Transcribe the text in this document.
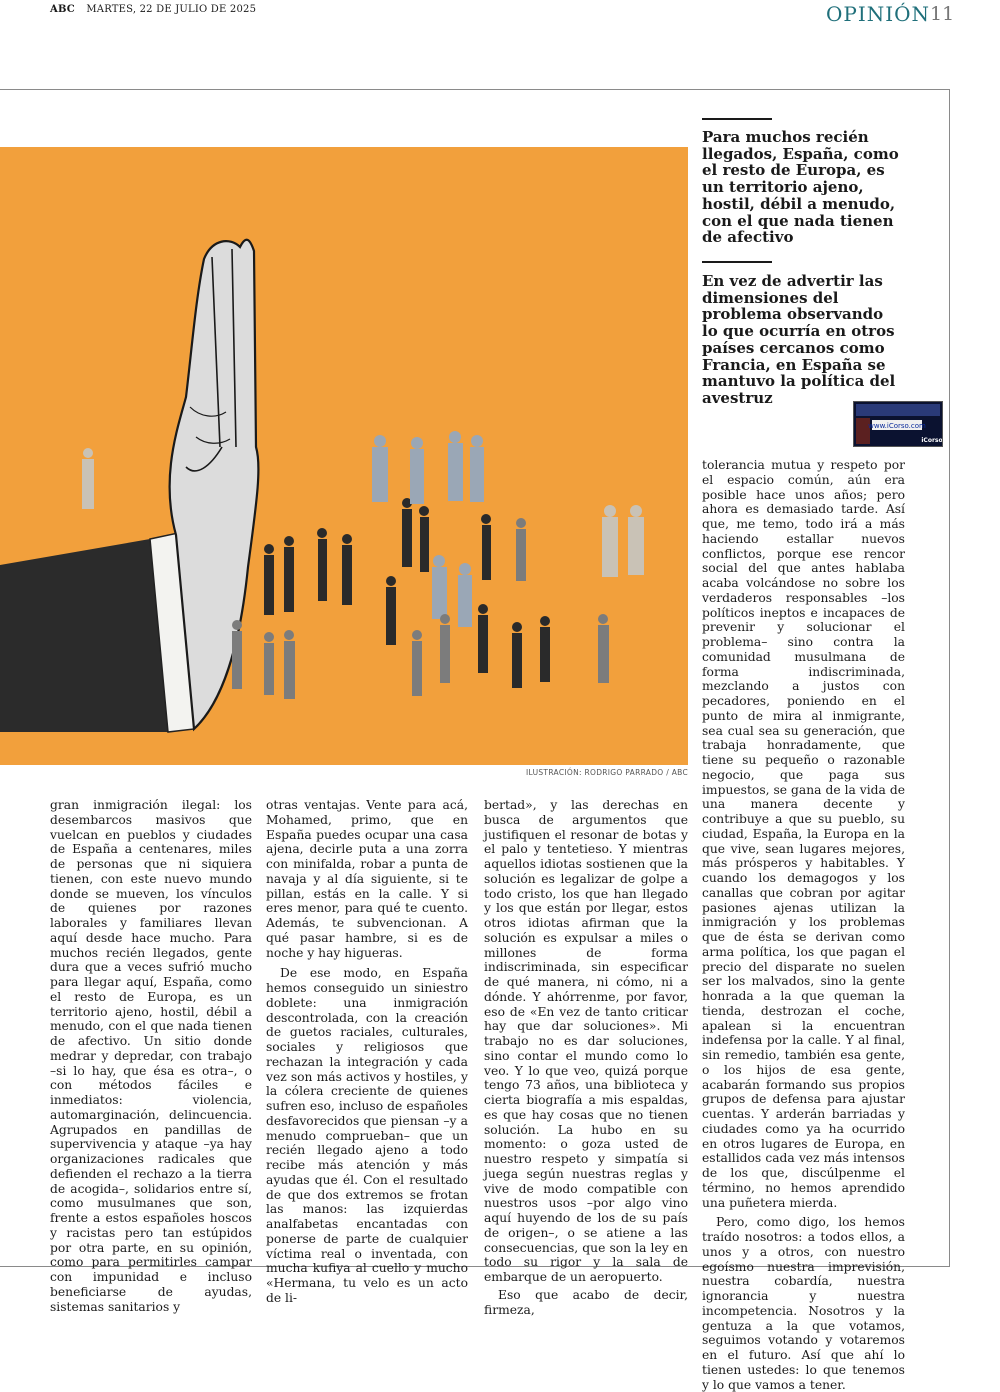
ABC MARTES, 22 DE JULIO DE 2025	OPINIÓN 11
ILUSTRACIÓN: RODRIGO PARRADO / ABC

Para muchos recién llegados, España, como el resto de Europa, es un territorio ajeno, hostil, débil a menudo, con el que nada tienen de afectivo

En vez de advertir las dimensiones del problema observando lo que ocurría en otros países cercanos como Francia, en España se mantuvo la política del avestruz

www.iCorso.com
iCorso

gran inmigración ilegal: los desembarcos masivos que vuelcan en pueblos y ciudades de España a centenares, miles de personas que ni siquiera tienen, con este nuevo mundo donde se mueven, los vínculos de quienes por razones laborales y familiares llevan aquí desde hace mucho. Para muchos recién llegados, gente dura que a veces sufrió mucho para llegar aquí, España, como el resto de Europa, es un territorio ajeno, hostil, débil a menudo, con el que nada tienen de afectivo. Un sitio donde medrar y depredar, con trabajo –si lo hay, que ésa es otra–, o con métodos fáciles e inmediatos: violencia, automarginación, delincuencia. Agrupados en pandillas de supervivencia y ataque –ya hay organizaciones radicales que defienden el rechazo a la tierra de acogida–, solidarios entre sí, como musulmanes que son, frente a estos españoles hoscos y racistas pero tan estúpidos por otra parte, en su opinión, como para permitirles campar con impunidad e incluso beneficiarse de ayudas, sistemas sanitarios y

otras ventajas. Vente para acá, Mohamed, primo, que en España puedes ocupar una casa ajena, decirle puta a una zorra con minifalda, robar a punta de navaja y al día siguiente, si te pillan, estás en la calle. Y si eres menor, para qué te cuento. Además, te subvencionan. A qué pasar hambre, si es de noche y hay higueras.

De ese modo, en España hemos conseguido un siniestro doblete: una inmigración descontrolada, con la creación de guetos raciales, culturales, sociales y religiosos que rechazan la integración y cada vez son más activos y hostiles, y la cólera creciente de quienes sufren eso, incluso de españoles desfavorecidos que piensan –y a menudo comprueban– que un recién llegado ajeno a todo recibe más atención y más ayudas que él. Con el resultado de que dos extremos se frotan las manos: las izquierdas analfabetas encantadas con ponerse de parte de cualquier víctima real o inventada, con mucha kufiya al cuello y mucho «Hermana, tu velo es un acto de li-

bertad», y las derechas en busca de argumentos que justifiquen el resonar de botas y el palo y tentetieso. Y mientras aquellos idiotas sostienen que la solución es legalizar de golpe a todo cristo, los que han llegado y los que están por llegar, estos otros idiotas afirman que la solución es expulsar a miles o millones de forma indiscriminada, sin especificar de qué manera, ni cómo, ni a dónde. Y ahórrenme, por favor, eso de «En vez de tanto criticar hay que dar soluciones». Mi trabajo no es dar soluciones, sino contar el mundo como lo veo. Y lo que veo, quizá porque tengo 73 años, una biblioteca y cierta biografía a mis espaldas, es que hay cosas que no tienen solución. La hubo en su momento: o goza usted de nuestro respeto y simpatía si juega según nuestras reglas y vive de modo compatible con nuestros usos –por algo vino aquí huyendo de los de su país de origen–, o se atiene a las consecuencias, que son la ley en todo su rigor y la sala de embarque de un aeropuerto.

Eso que acabo de decir, firmeza,

tolerancia mutua y respeto por el espacio común, aún era posible hace unos años; pero ahora es demasiado tarde. Así que, me temo, todo irá a más haciendo estallar nuevos conflictos, porque ese rencor social del que antes hablaba acaba volcándose no sobre los verdaderos responsables –los políticos ineptos e incapaces de prevenir y solucionar el problema– sino contra la comunidad musulmana de forma indiscriminada, mezclando a justos con pecadores, poniendo en el punto de mira al inmigrante, sea cual sea su generación, que trabaja honradamente, que tiene su pequeño o razonable negocio, que paga sus impuestos, se gana de la vida de una manera decente y contribuye a que su pueblo, su ciudad, España, la Europa en la que vive, sean lugares mejores, más prósperos y habitables. Y cuando los demagogos y los canallas que cobran por agitar pasiones ajenas utilizan la inmigración y los problemas que de ésta se derivan como arma política, los que pagan el precio del disparate no suelen ser los malvados, sino la gente honrada a la que queman la tienda, destrozan el coche, apalean si la encuentran indefensa por la calle. Y al final, sin remedio, también esa gente, o los hijos de esa gente, acabarán formando sus propios grupos de defensa para ajustar cuentas. Y arderán barriadas y ciudades como ya ha ocurrido en otros lugares de Europa, en estallidos cada vez más intensos de los que, discúlpenme el término, no hemos aprendido una puñetera mierda.

Pero, como digo, los hemos traído nosotros: a todos ellos, a unos y a otros, con nuestro egoísmo nuestra imprevisión, nuestra cobardía, nuestra ignorancia y nuestra incompetencia. Nosotros y la gentuza a la que votamos, seguimos votando y votaremos en el futuro. Así que ahí lo tienen ustedes: lo que tenemos y lo que vamos a tener.
